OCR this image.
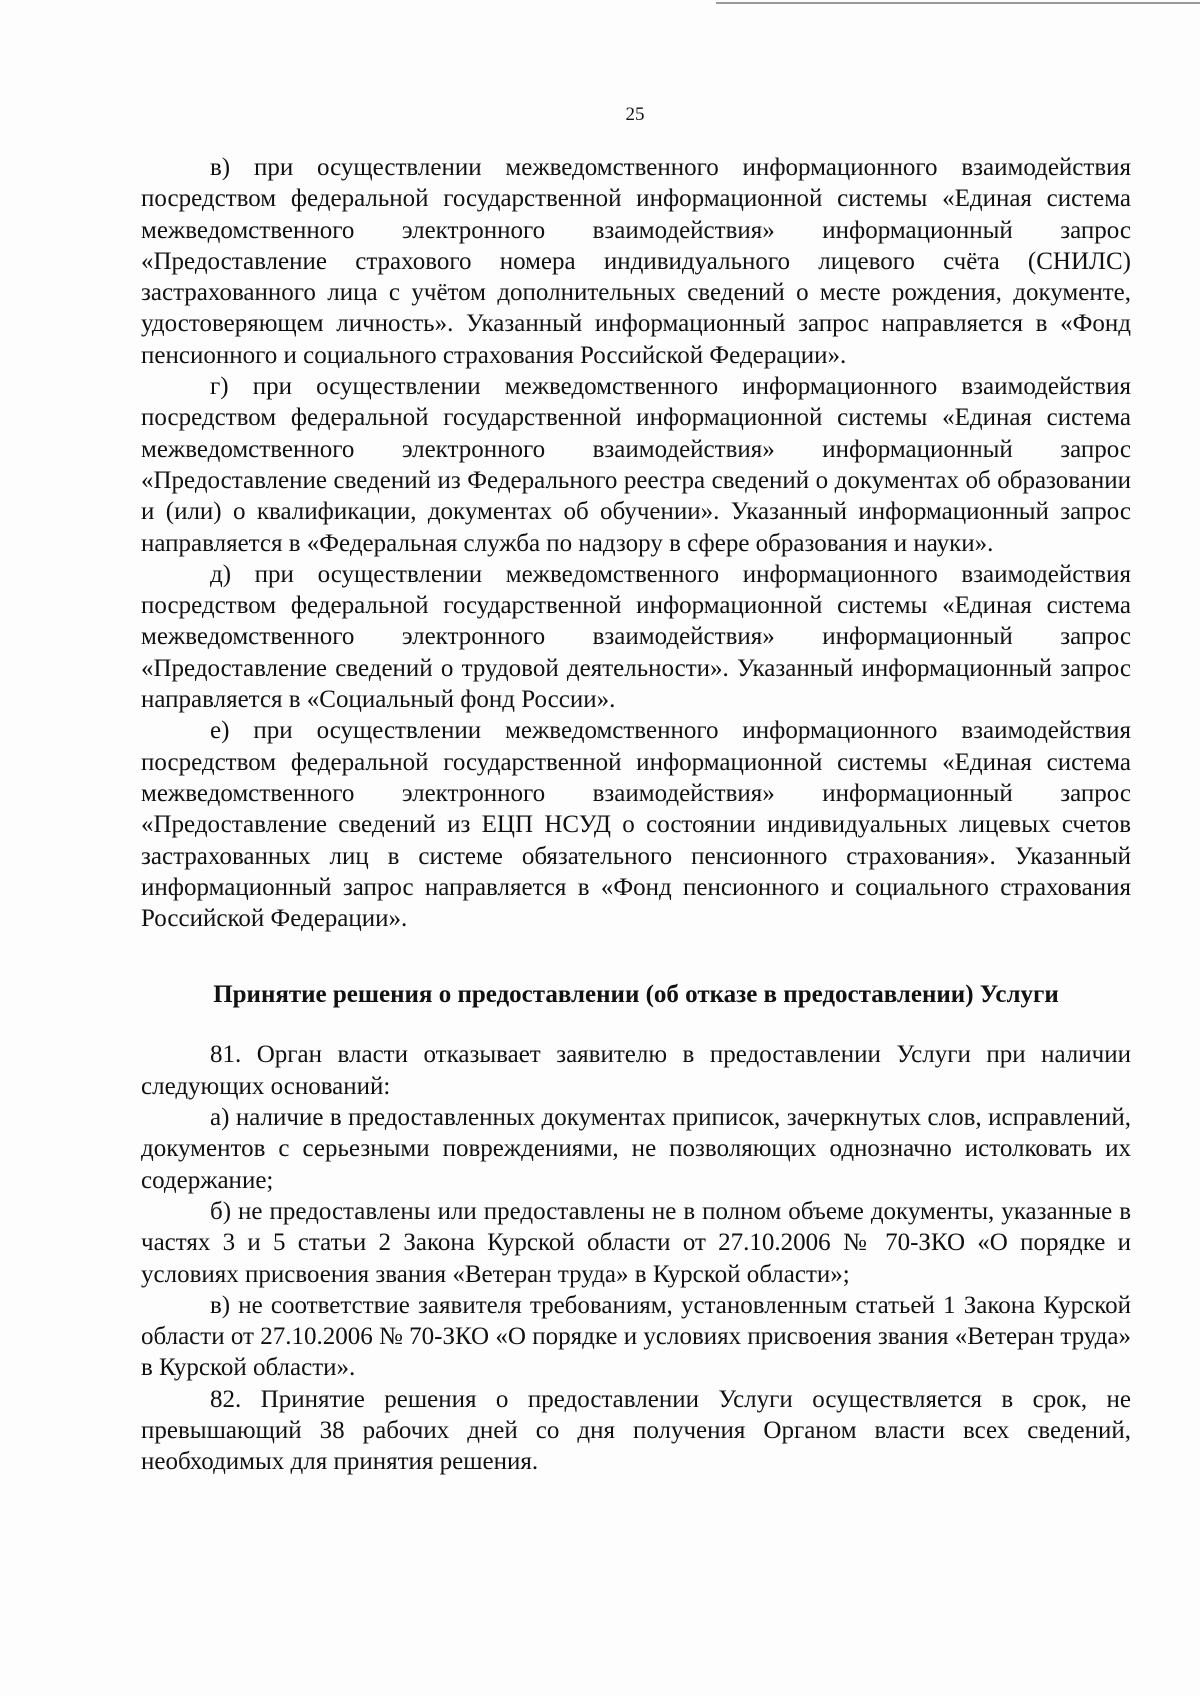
25

в) при осуществлении межведомственного информационного взаимодействия посредством федеральной государственной информационной системы «Единая система межведомственного электронного взаимодействия» информационный запрос «Предоставление страхового номера индивидуального лицевого счёта (СНИЛС) застрахованного лица с учётом дополнительных сведений о месте рождения, документе, удостоверяющем личность». Указанный информационный запрос направляется в «Фонд пенсионного и социального страхования Российской Федерации».

г) при осуществлении межведомственного информационного взаимодействия посредством федеральной государственной информационной системы «Единая система межведомственного электронного взаимодействия» информационный запрос «Предоставление сведений из Федерального реестра сведений о документах об образовании и (или) о квалификации, документах об обучении». Указанный информационный запрос направляется в «Федеральная служба по надзору в сфере образования и науки».

д) при осуществлении межведомственного информационного взаимодействия посредством федеральной государственной информационной системы «Единая система межведомственного электронного взаимодействия» информационный запрос «Предоставление сведений о трудовой деятельности». Указанный информационный запрос направляется в «Социальный фонд России».

е) при осуществлении межведомственного информационного взаимодействия посредством федеральной государственной информационной системы «Единая система межведомственного электронного взаимодействия» информационный запрос «Предоставление сведений из ЕЦП НСУД о состоянии индивидуальных лицевых счетов застрахованных лиц в системе обязательного пенсионного страхования». Указанный информационный запрос направляется в «Фонд пенсионного и социального страхования Российской Федерации».

Принятие решения о предоставлении (об отказе в предоставлении) Услуги

81. Орган власти отказывает заявителю в предоставлении Услуги при наличии следующих оснований:

а) наличие в предоставленных документах приписок, зачеркнутых слов, исправлений, документов с серьезными повреждениями, не позволяющих однозначно истолковать их содержание;

б) не предоставлены или предоставлены не в полном объеме документы, указанные в частях 3 и 5 статьи 2 Закона Курской области от 27.10.2006 № 70-ЗКО «О порядке и условиях присвоения звания «Ветеран труда» в Курской области»;

в) не соответствие заявителя требованиям, установленным статьей 1 Закона Курской области от 27.10.2006 № 70-ЗКО «О порядке и условиях присвоения звания «Ветеран труда» в Курской области».

82. Принятие решения о предоставлении Услуги осуществляется в срок, не превышающий 38 рабочих дней со дня получения Органом власти всех сведений, необходимых для принятия решения.
